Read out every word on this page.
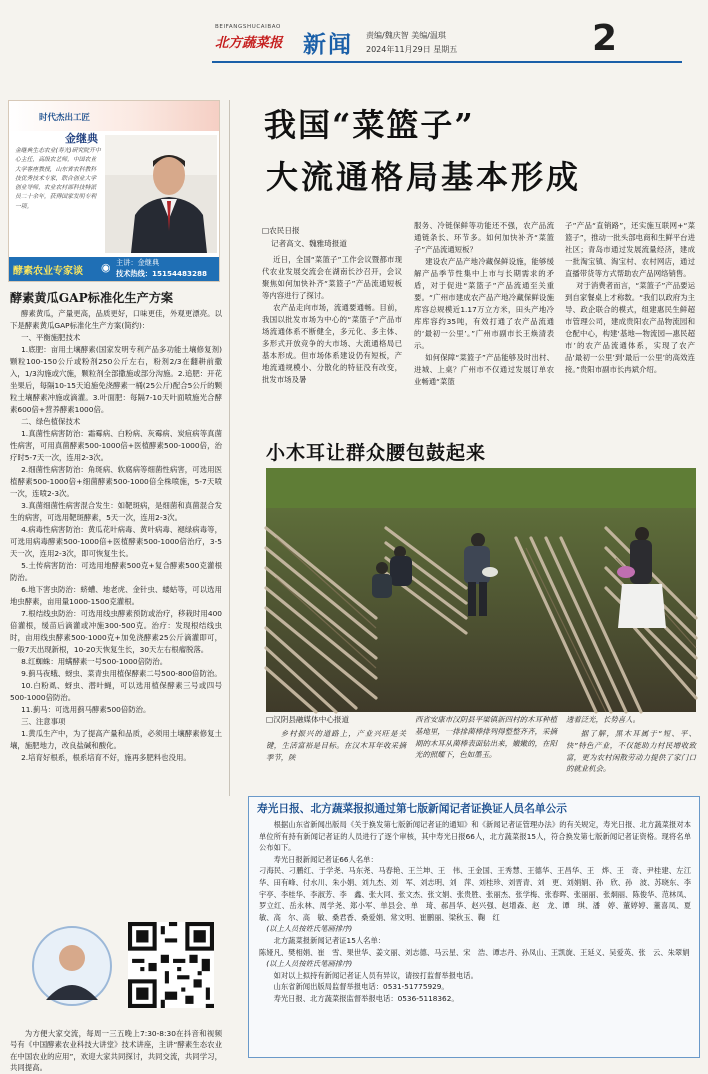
BEIFANGSHUCAIBAO
北方蔬菜报 新闻 责编/魏庆智 美编/温琪
2024年11月29日 星期五	2
时代杰出工匠
金继典
金继典生态农业(寿光)研究院开中心主任，高级农艺师，中国农业大学客座教授，山东省农科教科技优秀技术专家，联合创业大学创业导师，农业农村部科技特派员二十余年，获得国家发明专利一项。
酵素农业专家谈 ◉ 主讲：金继典
技术热线：15154483288
酵素黄瓜GAP标准化生产方案
酵素黄瓜，产量更高，品质更好，口味更佳，外观更漂亮。以下是酵素黄瓜GAP标准化生产方案(简约)：
一、平衡施肥技术
1.底肥：亩用土壤酵素(国家发明专利产品多功能土壤修复剂)颗粒100-150公斤或粉剂250公斤左右，粉剂2/3在翻耕前撒入，1/3沟施或穴施，颗粒剂全部撒施或部分沟施。2.追肥：开花坐果后，每隔10-15天追施免浇酵素一桶(25公斤)配合5公斤的颗粒土壤酵素冲施或滴灌。3.叶面肥：每隔7-10天叶面喷施光合酵素600倍+营养酵素1000倍。
二、绿色植保技术
1.真菌性病害防治：霜霉病、白粉病、灰霉病、炭疽病等真菌性病害，可用真菌酵素500-1000倍+医植酵素500-1000倍，治疗时5-7天一次，连用2-3次。
2.细菌性病害防治：角斑病、软腐病等细菌性病害，可选用医植酵素500-1000倍+细菌酵素500-1000倍全株喷施，5-7天喷一次，连喷2-3次。
3.真菌细菌性病害混合发生：如靶斑病，是细菌和真菌混合发生的病害，可选用靶斑酵素，5天一次，连用2-3次。
4.病毒性病害防治：黄瓜花叶病毒、黄叶病毒、褪绿病毒等，可选用病毒酵素500-1000倍+医植酵素500-1000倍治疗，3-5天一次，连用2-3次，即可恢复生长。
5.土传病害防治：可选用地酵素500克+复合酵素500克灌根防治。
6.地下害虫防治：蛴螬、地老虎、金针虫、蝼蛄等，可以选用地虫酵素，亩用量1000-1500克灌根。
7.根结线虫防治：可选用线虫酵素预防或治疗，移栽时用400倍灌根，缓苗后滴灌或冲施300-500克。治疗：发现根结线虫时，亩用线虫酵素500-1000克+加免浇酵素25公斤滴灌即可，一般7天出现新根，10-20天恢复生长，30天左右根瘤脱落。
8.红蜘蛛：用螨酵素一号500-1000倍防治。
9.蓟马夜蛾、蚜虫、菜青虫用植保酵素二号500-800倍防治。
10.白粉虱、蚜虫、潜叶蝇，可以选用植保酵素三号或四号500-1000倍防治。
11.蓟马：可选用蓟马酵素500倍防治。
三、注意事项
1.黄瓜生产中，为了提高产量和品质，必须用土壤酵素修复土壤，施肥地力，改良盐碱和酸化。
2.培育好根系，根系培育不好，施再多肥料也没用。
为方便大家交流，每周一三五晚上7:30-8:30在抖音和视频号有《中国酵素农业科技大讲堂》技术讲座，主讲“酵素生态农业在中国农业的应用”，欢迎大家共同探讨，共同交流，共同学习，共同提高。
我国“菜篮子”
大流通格局基本形成
□农民日报
记者高文、魏雅琦报道
近日，全国“菜篮子”工作会议暨都市现代农业发展交流会在湖南长沙召开，会议聚焦如何加快补齐“菜篮子”产品流通短板等内容进行了探讨。
农产品走向市场，流通要通畅。目前，我国以批发市场为中心的“菜篮子”产品市场流通体系不断健全，多元化、多主体、多形式开放竞争的大市场、大流通格局已基本形成。但市场体系建设仍有短板，产地流通规模小、分散化的特征没有改变，批发市场及暑
服务、冷链保鲜等功能还不强，农产品流通链条长、环节多。如何加快补齐“菜篮子”产品流通短板？
建设农产品产地冷藏保鲜设施，能够缓解产品季节性集中上市与长期需求的矛盾，对于促进“菜篮子”产品流通至关重要。“广州市建成农产品产地冷藏保鲜设施库容总规模近1.17万立方米，田头产地冷库库容约35吨，有效打通了农产品流通的‘最初一公里’。”广州市副市长王焕清表示。
如何保障“菜篮子”产品能够及时出村、进城、上桌？广州市不仅通过发展订单农业畅通“菜篮
子”产品“直销路”，还实施互联网+“菜篮子”，推动一批头部电商和生鲜平台进社区；青岛市通过发展流量经济，建成一批淘宝镇、淘宝村、农村网店，通过直播带货等方式帮助农产品网络销售。
对于消费者而言，“菜篮子”产品要运到自家餐桌上才称数。“我们以政府为主导、政企联合的模式，组建惠民生鲜超市管理公司，建成贵阳农产品物流园和仓配中心，构建‘基地—物流园—惠民超市’的农产品流通体系，实现了农产品‘最初一公里’到‘最后一公里’的高效连接。”贵阳市副市长冉斌介绍。
小木耳让群众腰包鼓起来
□汉阴县融媒体中心报道
乡村振兴的道路上，产业兴旺是关键，生活富裕是目标。在汉木耳年收采摘季节，陕
西省安康市汉阴县平梁镇新四村的木耳种植基地里，一排排菌棒排列得整整齐齐，采摘期的木耳从菌棒表面钻出来，嫩嫩的，在阳光的照耀下，色如墨玉。
透着泛光，长势喜人。
据了解，黑木耳属于“短、平、快”特色产业，不仅能助力村民增收致富，更为农村闲散劳动力提供了家门口的就业机会。
寿光日报、北方蔬菜报拟通过第七版新闻记者证换证人员名单公示
根据山东省新闻出版局《关于换发第七版新闻记者证的通知》和《新闻记者证管理办法》的有关规定，寿光日报、北方蔬菜报对本单位所有持有新闻记者证的人员进行了逐个审核，其中寿光日报66人，北方蔬菜报15人，符合换发第七版新闻记者证资格。现将名单公布如下。
寿光日报新闻记者证66人名单：
刁海民、刁鹏红、于学尧、马东尧、马春艳、王兰坤、王　伟、王金国、王秀慧、王德华、王昌华、王　烨、王　奇、尹桂建、左江华、田有峰、付水川、朱小娟、刘九杰、刘　军、刘志明、刘　萍、刘桂珍、刘晋青、刘　更、刘娟娟、孙　欣、孙　波、苏晓东、李宇亭、李桂华、李淑芳、李　鑫、张大同、张文杰、张文娟、张贵胜、张丽杰、张学梅、张春晖、张丽丽、张炯丽、陈俊华、范林凤、罗立红、岳永林、周学尧、郑小军、单县会、单　琦、郝昌华、赵兴强、赵增森、赵　龙、谭　琪、潘　婷、董婷婷、董喜凤、夏　敏、高　尔、高　敏、桑君香、桑爱娟、常文明、崔鹏丽、梁秋玉、鞠　红
(以上人员按姓氏笔画排序)
北方蔬菜报新闻记者证15人名单：
陈娅凡、樊相娟、崔　雪、果世华、姜文丽、刘志德、马云星、宋　浩、谭志丹、孙凤山、王凯旋、王延义、吴爱英、张　云、朱翠娟
(以上人员按姓氏笔画排序)
如对以上拟持有新闻记者证人员有异议，请按打监督举报电话。
山东省新闻出版局监督举报电话：0531-51775929。
寿光日报、北方蔬菜报监督举报电话：0536-5118362。
